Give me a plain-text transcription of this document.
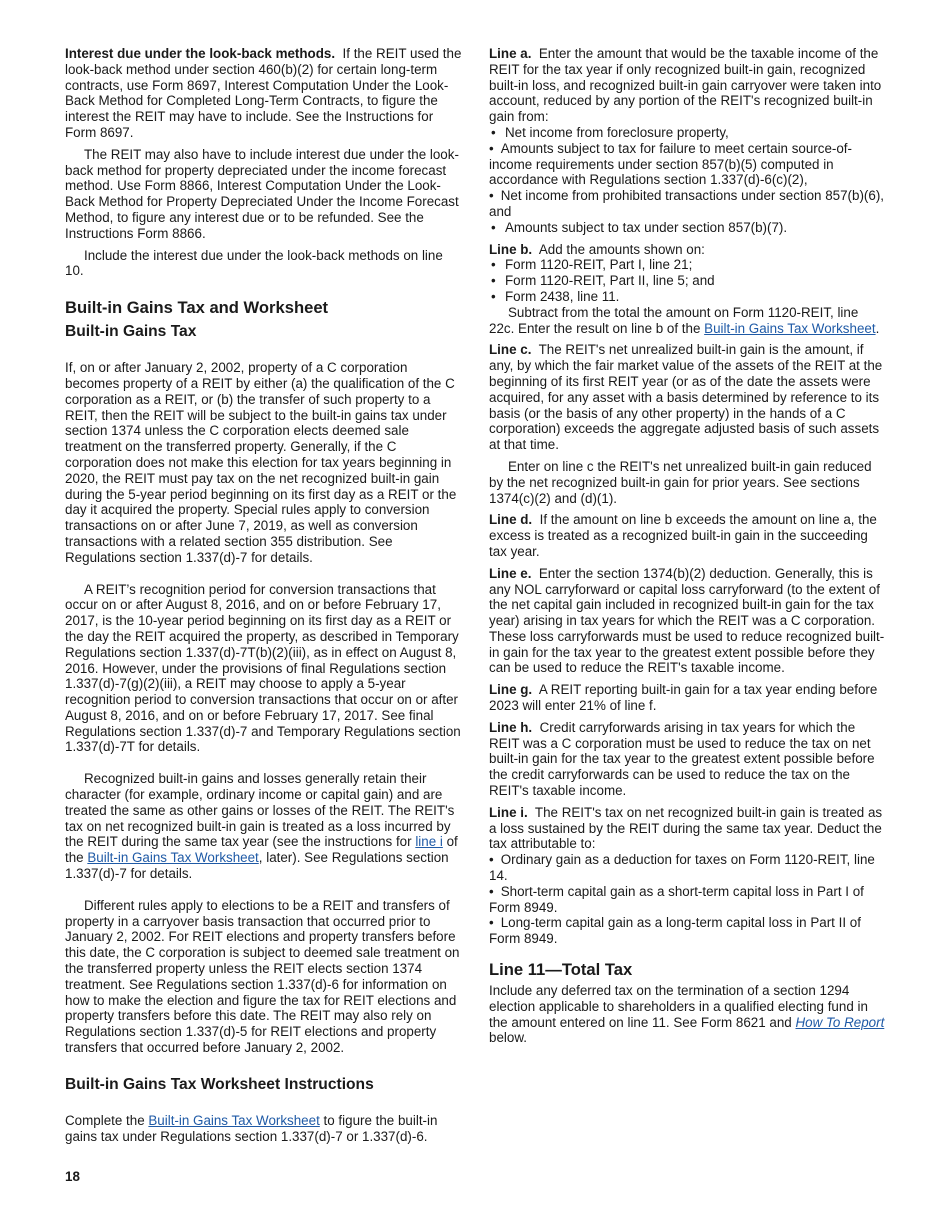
Interest due under the look-back methods. If the REIT used the look-back method under section 460(b)(2) for certain long-term contracts, use Form 8697, Interest Computation Under the Look-Back Method for Completed Long-Term Contracts, to figure the interest the REIT may have to include. See the Instructions for Form 8697.

The REIT may also have to include interest due under the look-back method for property depreciated under the income forecast method. Use Form 8866, Interest Computation Under the Look-Back Method for Property Depreciated Under the Income Forecast Method, to figure any interest due or to be refunded. See the Instructions Form 8866.

Include the interest due under the look-back methods on line 10.

Built-in Gains Tax and Worksheet
Built-in Gains Tax

If, on or after January 2, 2002, property of a C corporation becomes property of a REIT by either (a) the qualification of the C corporation as a REIT, or (b) the transfer of such property to a REIT, then the REIT will be subject to the built-in gains tax under section 1374 unless the C corporation elects deemed sale treatment on the transferred property. Generally, if the C corporation does not make this election for tax years beginning in 2020, the REIT must pay tax on the net recognized built-in gain during the 5-year period beginning on its first day as a REIT or the day it acquired the property. Special rules apply to conversion transactions on or after June 7, 2019, as well as conversion transactions with a related section 355 distribution. See Regulations section 1.337(d)-7 for details.

A REIT’s recognition period for conversion transactions that occur on or after August 8, 2016, and on or before February 17, 2017, is the 10-year period beginning on its first day as a REIT or the day the REIT acquired the property, as described in Temporary Regulations section 1.337(d)-7T(b)(2)(iii), as in effect on August 8, 2016. However, under the provisions of final Regulations section 1.337(d)-7(g)(2)(iii), a REIT may choose to apply a 5-year recognition period to conversion transactions that occur on or after August 8, 2016, and on or before February 17, 2017. See final Regulations section 1.337(d)-7 and Temporary Regulations section 1.337(d)-7T for details.

Recognized built-in gains and losses generally retain their character (for example, ordinary income or capital gain) and are treated the same as other gains or losses of the REIT. The REIT's tax on net recognized built-in gain is treated as a loss incurred by the REIT during the same tax year (see the instructions for line i of the Built-in Gains Tax Worksheet, later). See Regulations section 1.337(d)-7 for details.

Different rules apply to elections to be a REIT and transfers of property in a carryover basis transaction that occurred prior to January 2, 2002. For REIT elections and property transfers before this date, the C corporation is subject to deemed sale treatment on the transferred property unless the REIT elects section 1374 treatment. See Regulations section 1.337(d)-6 for information on how to make the election and figure the tax for REIT elections and property transfers before this date. The REIT may also rely on Regulations section 1.337(d)-5 for REIT elections and property transfers that occurred before January 2, 2002.

Built-in Gains Tax Worksheet Instructions

Complete the Built-in Gains Tax Worksheet to figure the built-in gains tax under Regulations section 1.337(d)-7 or 1.337(d)-6.

Line a. Enter the amount that would be the taxable income of the REIT for the tax year if only recognized built-in gain, recognized built-in loss, and recognized built-in gain carryover were taken into account, reduced by any portion of the REIT's recognized built-in gain from:

• Net income from foreclosure property,
• Amounts subject to tax for failure to meet certain source-of-income requirements under section 857(b)(5) computed in accordance with Regulations section 1.337(d)-6(c)(2),
• Net income from prohibited transactions under section 857(b)(6), and
• Amounts subject to tax under section 857(b)(7).

Line b. Add the amounts shown on:

• Form 1120-REIT, Part I, line 21;
• Form 1120-REIT, Part II, line 5; and
• Form 2438, line 11.

Subtract from the total the amount on Form 1120-REIT, line 22c. Enter the result on line b of the Built-in Gains Tax Worksheet.

Line c. The REIT's net unrealized built-in gain is the amount, if any, by which the fair market value of the assets of the REIT at the beginning of its first REIT year (or as of the date the assets were acquired, for any asset with a basis determined by reference to its basis (or the basis of any other property) in the hands of a C corporation) exceeds the aggregate adjusted basis of such assets at that time.

Enter on line c the REIT's net unrealized built-in gain reduced by the net recognized built-in gain for prior years. See sections 1374(c)(2) and (d)(1).

Line d. If the amount on line b exceeds the amount on line a, the excess is treated as a recognized built-in gain in the succeeding tax year.

Line e. Enter the section 1374(b)(2) deduction. Generally, this is any NOL carryforward or capital loss carryforward (to the extent of the net capital gain included in recognized built-in gain for the tax year) arising in tax years for which the REIT was a C corporation. These loss carryforwards must be used to reduce recognized built-in gain for the tax year to the greatest extent possible before they can be used to reduce the REIT's taxable income.

Line g. A REIT reporting built-in gain for a tax year ending before 2023 will enter 21% of line f.

Line h. Credit carryforwards arising in tax years for which the REIT was a C corporation must be used to reduce the tax on net built-in gain for the tax year to the greatest extent possible before the credit carryforwards can be used to reduce the tax on the REIT's taxable income.

Line i. The REIT's tax on net recognized built-in gain is treated as a loss sustained by the REIT during the same tax year. Deduct the tax attributable to:

• Ordinary gain as a deduction for taxes on Form 1120-REIT, line 14.
• Short-term capital gain as a short-term capital loss in Part I of Form 8949.
• Long-term capital gain as a long-term capital loss in Part II of Form 8949.
Line 11—Total Tax

Include any deferred tax on the termination of a section 1294 election applicable to shareholders in a qualified electing fund in the amount entered on line 11. See Form 8621 and How To Report below.

18
